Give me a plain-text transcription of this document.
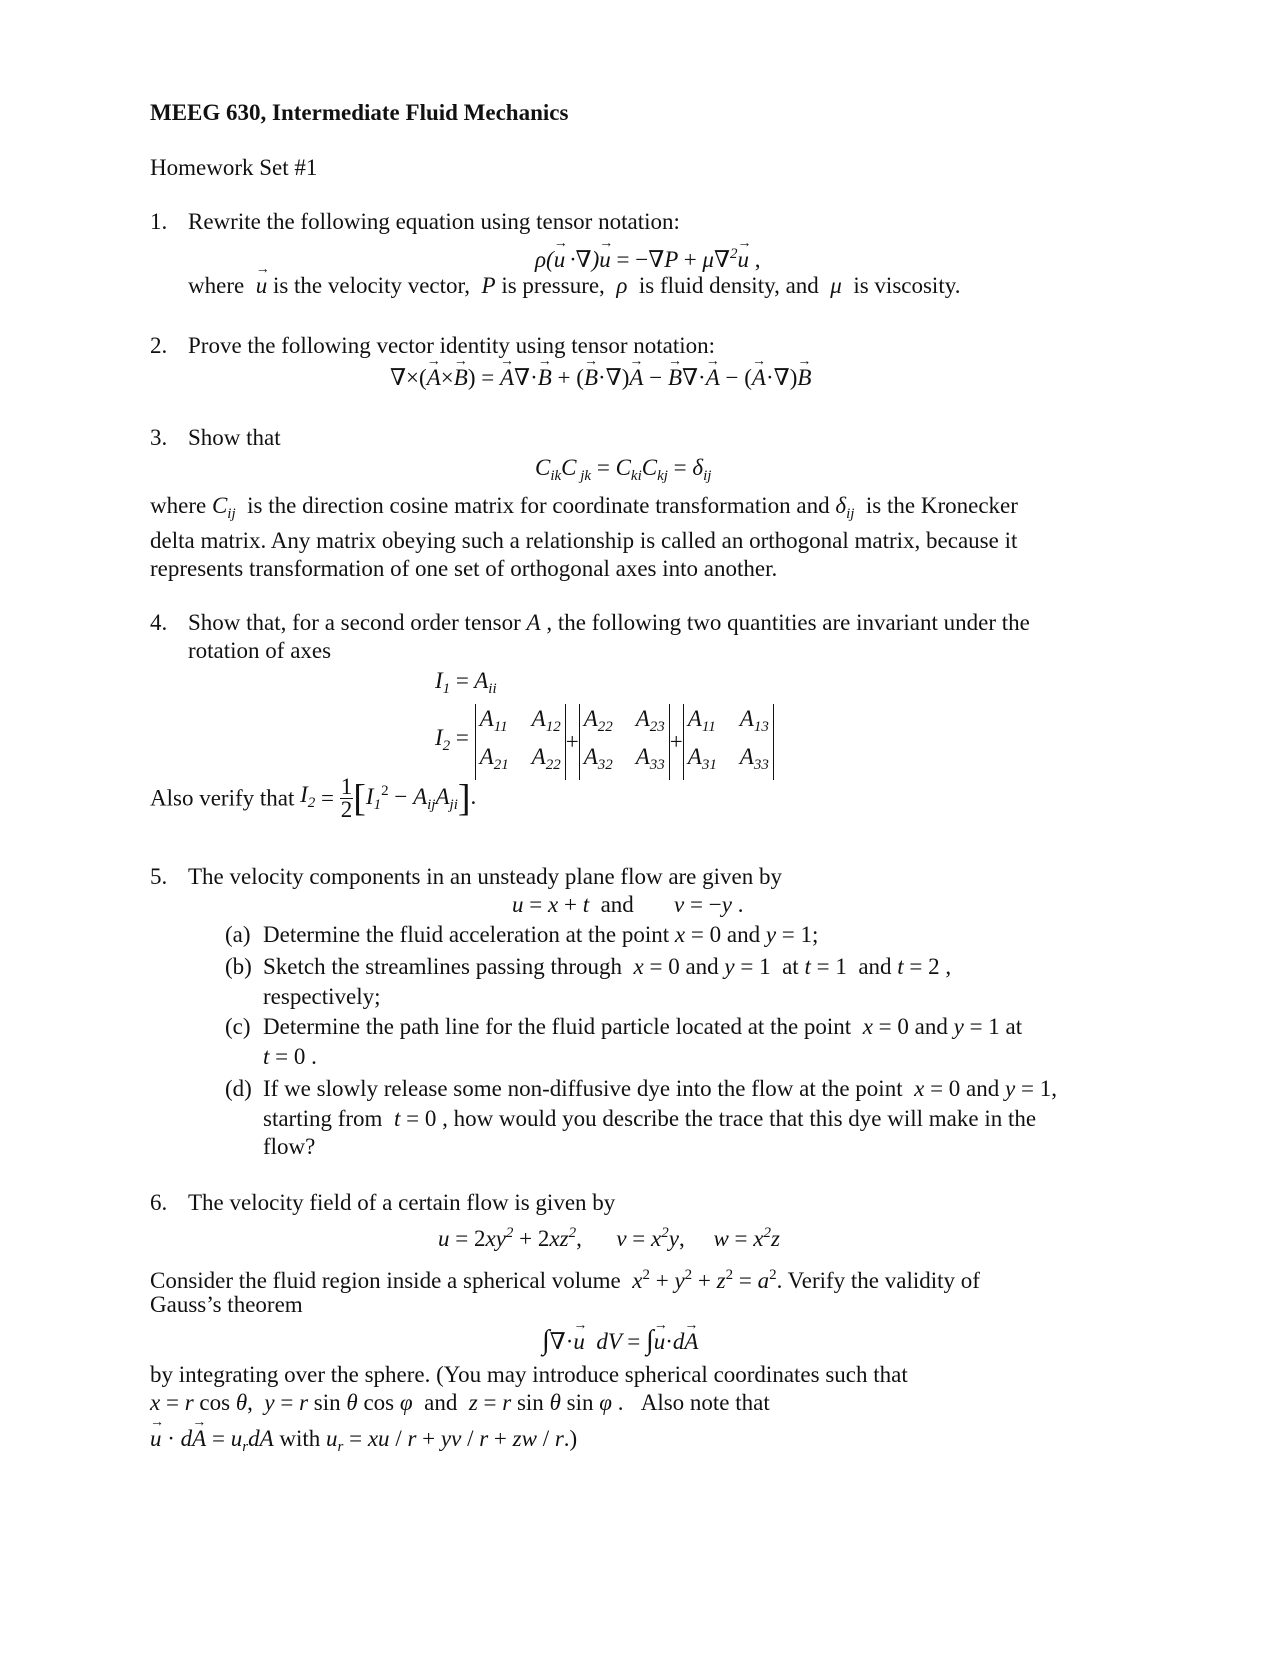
MEEG 630, Intermediate Fluid Mechanics
Homework Set #1
1. Rewrite the following equation using tensor notation:
ρ(→ u ·∇)→ u = −∇P + μ∇$^2$→ u ,
where  → u is the velocity vector, P is pressure, ρ is fluid density, and μ is viscosity.
2. Prove the following vector identity using tensor notation:
∇×(→ A×→ B) = → A∇·→ B + (→ B·∇)→ A − → B∇·→ A − (→ A·∇)→ B
3. Show that
$C_{ik}C$ $_{jk} = C_{ki}C_{kj} = \delta_{ij}$
where $C_{ij}$ is the direction cosine matrix for coordinate transformation and $\delta_{ij}$ is the Kronecker
delta matrix. Any matrix obeying such a relationship is called an orthogonal matrix, because it
represents transformation of one set of orthogonal axes into another.
4. Show that, for a second order tensor A , the following two quantities are invariant under the
rotation of axes
$I_1 = A_{ii}$
$I_2$ =
$A_{11}$ $A_{12}$
$A_{21}$ $A_{22}$
+
$A_{22}$ $A_{23}$
$A_{32}$ $A_{33}$
+
$A_{11}$ $A_{13}$
$A_{31}$ $A_{33}$
Also verify that $I_2 = \frac{1}{2} [I_1^2 - A_{ij}A_{ji}]$.
5. The velocity components in an unsteady plane flow are given by
u = x + t  and       v = −y .
(a) Determine the fluid acceleration at the point x = 0 and y = 1;
(b) Sketch the streamlines passing through  x = 0 and y = 1  at t = 1  and t = 2 ,
respectively;
(c) Determine the path line for the fluid particle located at the point  x = 0 and y = 1 at
t = 0 .
(d) If we slowly release some non-diffusive dye into the flow at the point  x = 0 and y = 1,
starting from  t = 0 , how would you describe the trace that this dye will make in the
flow?
6. The velocity field of a certain flow is given by
$u = 2xy^2 + 2xz^2$,      $v = x^2y$,     $w = x^2z$
Consider the fluid region inside a spherical volume $x^2 + y^2 + z^2 = a^2$. Verify the validity of
Gauss’s theorem
∫∇·→ u  dV = ∫→ u·d→ A
by integrating over the sphere. (You may introduce spherical coordinates such that
x = r cos θ,  y = r sin θ cos φ  and  z = r sin θ sin φ .   Also note that
→ $u \cdot d\to A = u_rdA$ with $u_r$ = xu / r + yv / r + zw / r.)
